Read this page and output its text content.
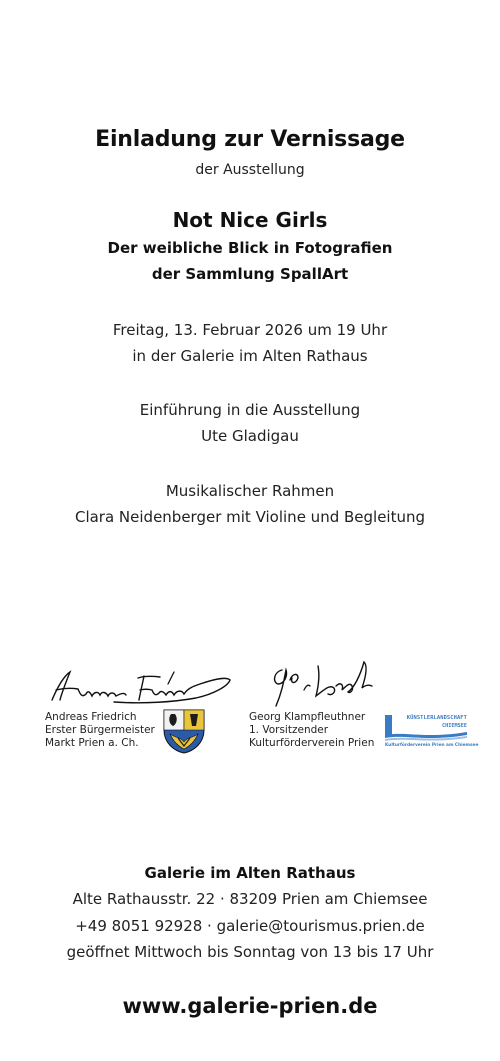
Einladung zur Vernissage
der Ausstellung
Not Nice Girls
Der weibliche Blick in Fotografien
der Sammlung SpallArt
Freitag, 13. Februar 2026 um 19 Uhr
in der Galerie im Alten Rathaus
Einführung in die Ausstellung
Ute Gladigau
Musikalischer Rahmen
Clara Neidenberger mit Violine und Begleitung
Andreas Friedrich
Erster Bürgermeister
Markt Prien a. Ch.
Georg Klampfleuthner
1. Vorsitzender
Kulturförderverein Prien
KÜNSTLERLANDSCHAFT
CHIEMSEE
Kulturförderverein Prien am Chiemsee
Galerie im Alten Rathaus
Alte Rathausstr. 22 · 83209 Prien am Chiemsee
+49 8051 92928 · galerie@tourismus.prien.de
geöffnet Mittwoch bis Sonntag von 13 bis 17 Uhr
www.galerie-prien.de
